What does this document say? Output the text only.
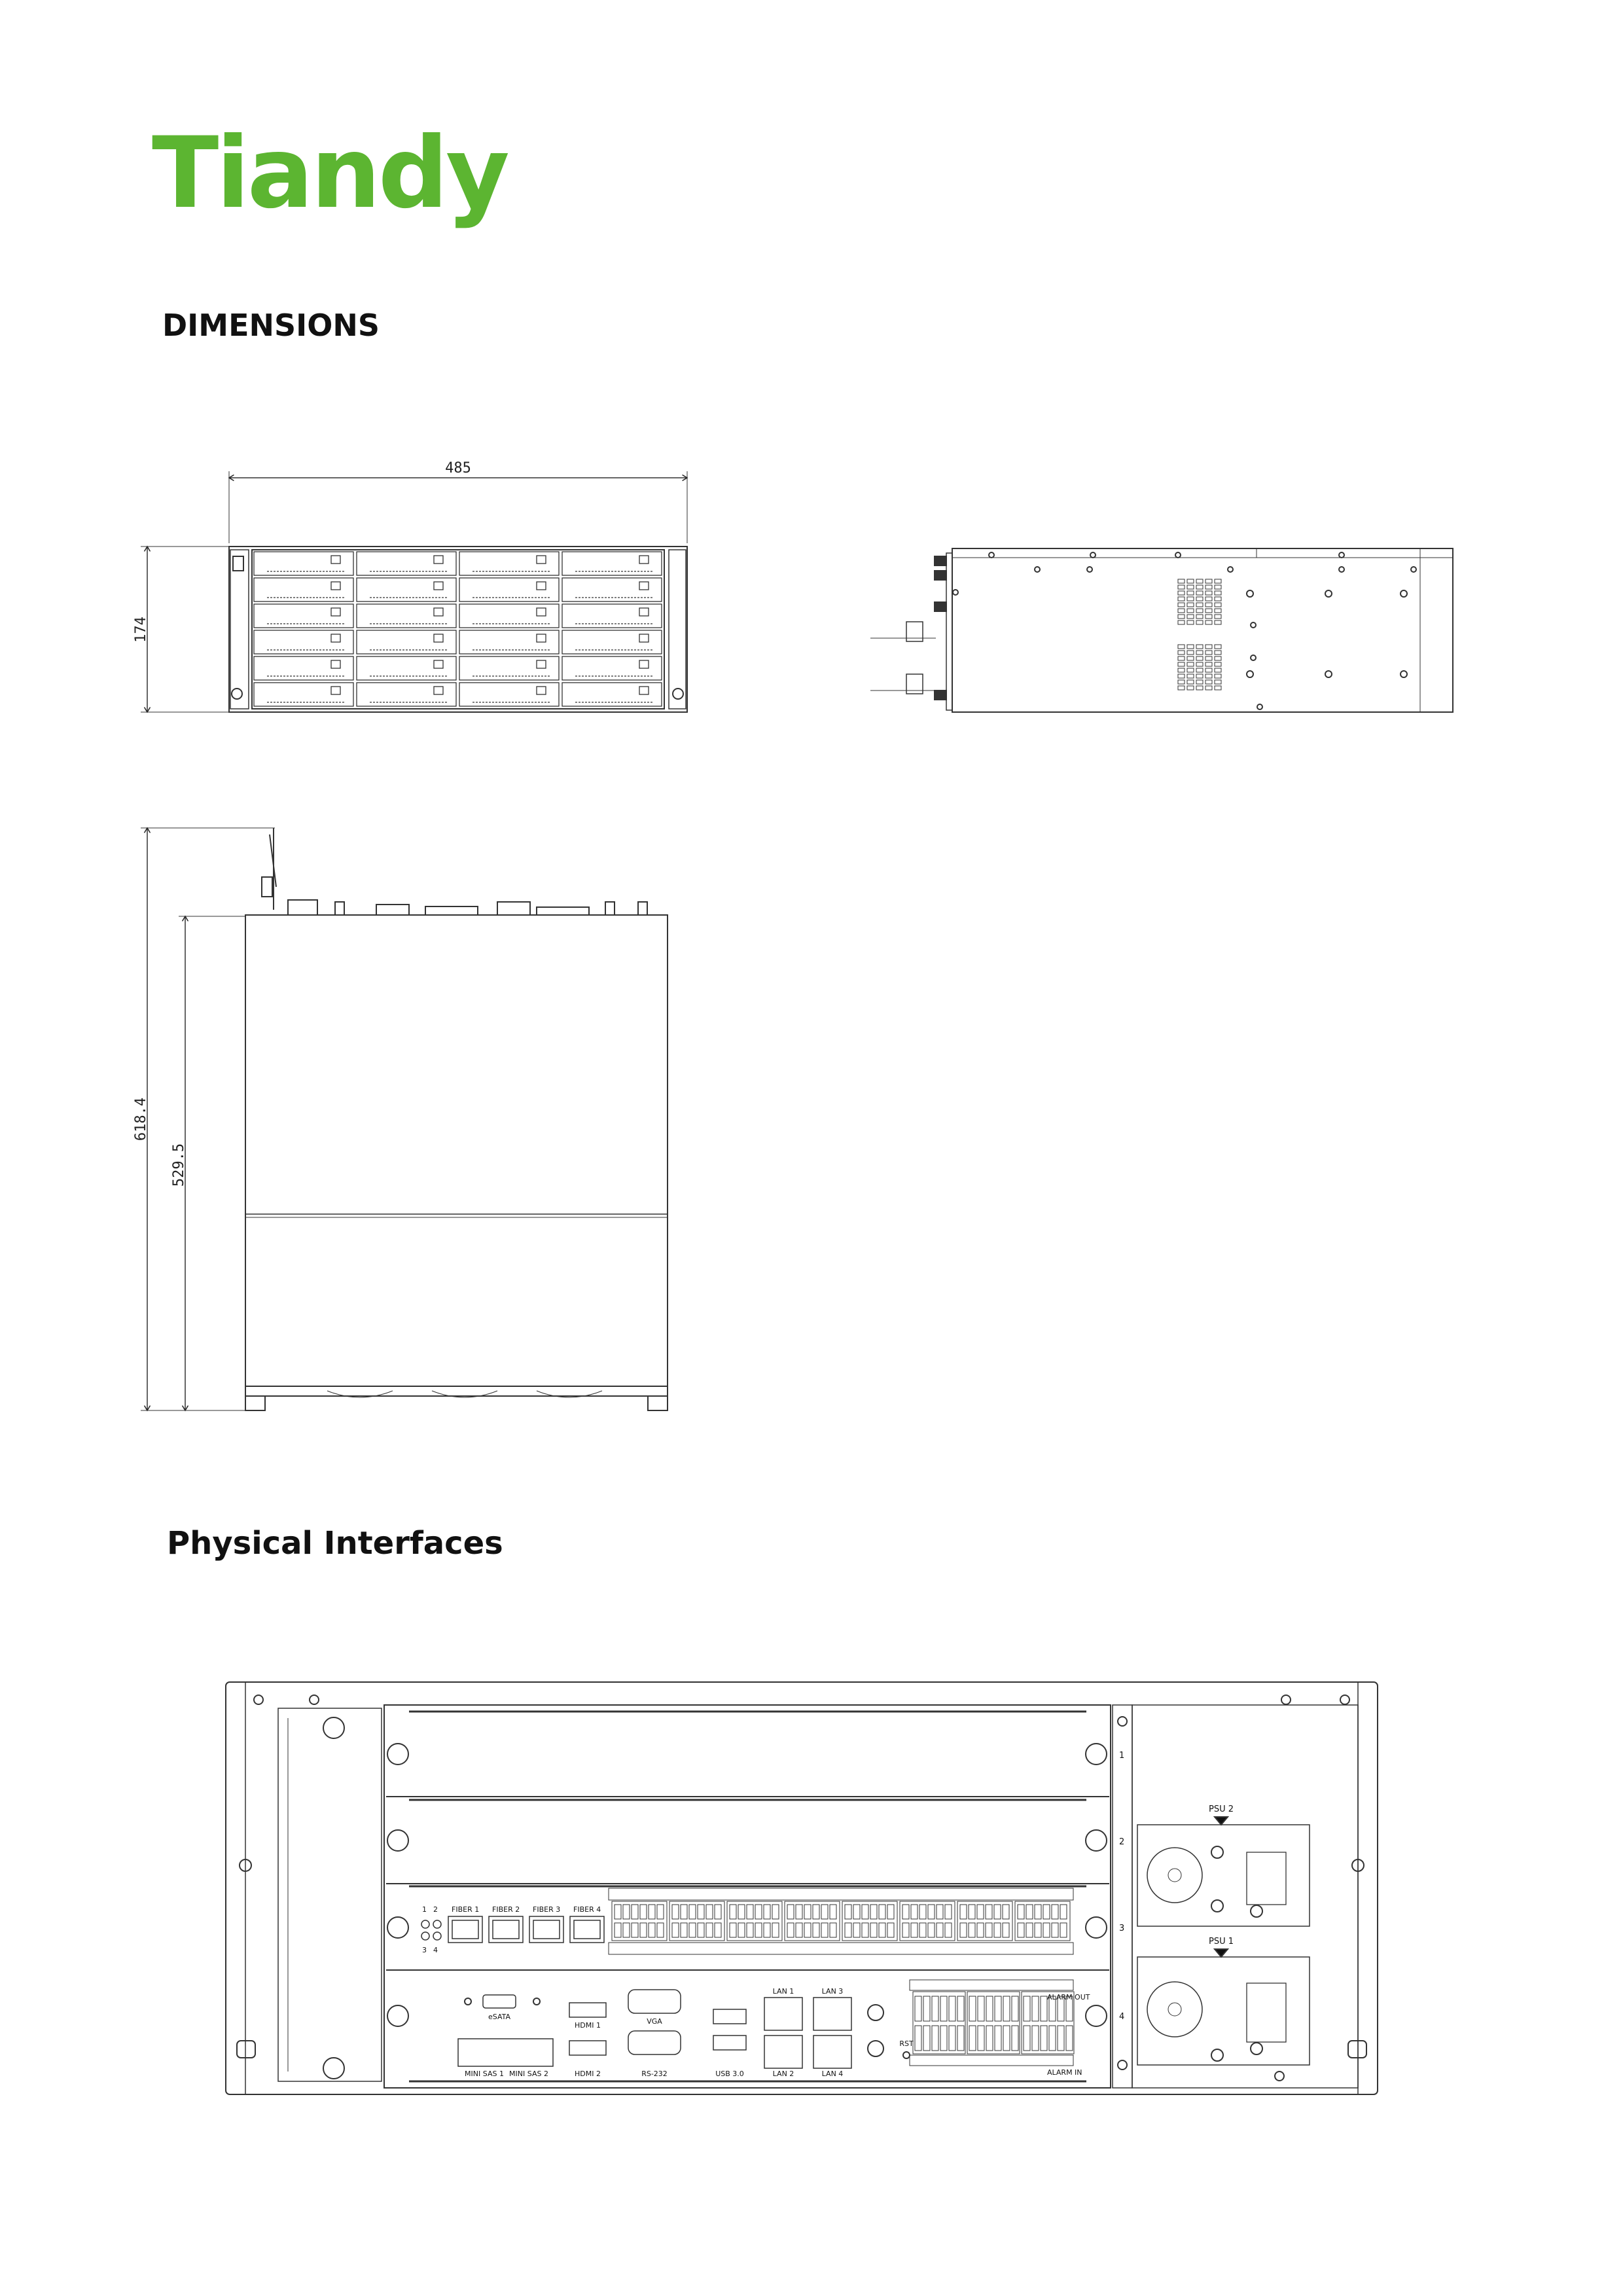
Tiandy
DIMENSIONS
Physical Interfaces
485
174
618.4
529.5
1
2
3
4
PSU 2
PSU 1
1 2
3 4
FIBER 1 FIBER 2 FIBER 3 FIBER 4
eSATA
MINI SAS 1 MINI SAS 2
HDMI 1
HDMI 2
VGA
RS-232	USB 3.0
LAN 1
LAN 2
LAN 3
LAN 4
RST
ALARM OUT
ALARM IN
